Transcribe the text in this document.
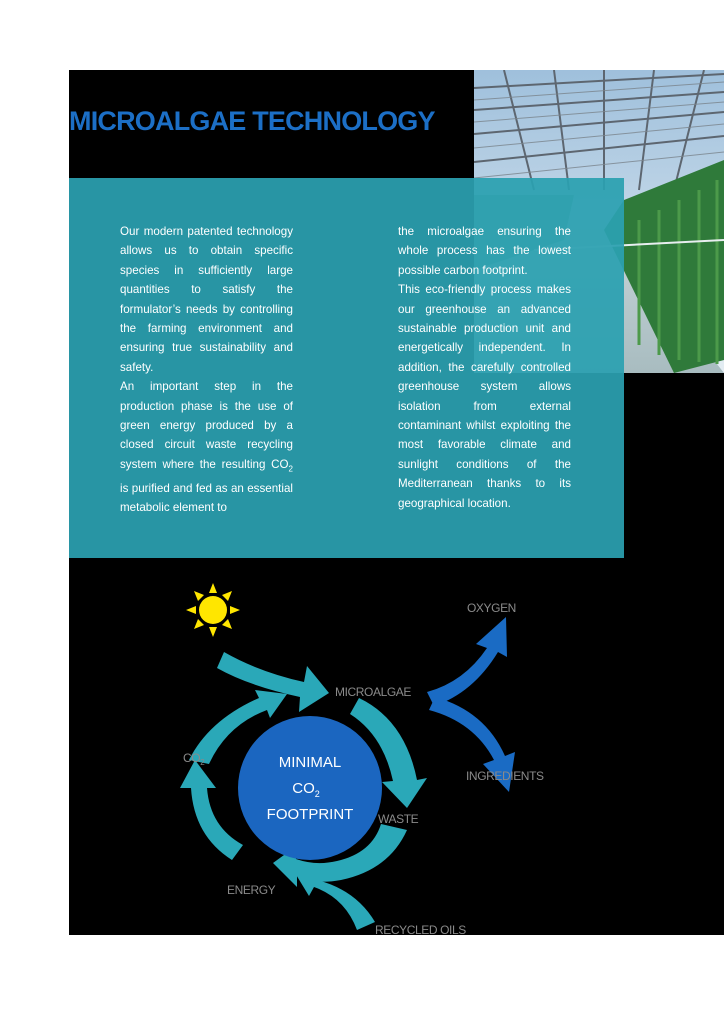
MICROALGAE TECHNOLOGY

Our modern patented technology allows us to obtain specific species in sufficiently large quantities to satisfy the formulator’s needs by controlling the farming environment and ensuring true sustainability and safety.

An important step in the production phase is the use of green energy produced by a closed circuit waste recycling system where the resulting $CO_2$ is purified and fed as an essential metabolic element to

the microalgae ensuring the whole process has the lowest possible carbon footprint.

This eco-friendly process makes our greenhouse an advanced sustainable production unit and energetically independent. In addition, the carefully controlled greenhouse system allows isolation from external contaminant whilst exploiting the most favorable climate and sunlight conditions of the Mediterranean thanks to its geographical location.

MINIMAL
$CO_2$
FOOTPRINT
OXYGEN
MICROALGAE
INGREDIENTS
$CO_2$
WASTE
ENERGY
RECYCLED OILS
